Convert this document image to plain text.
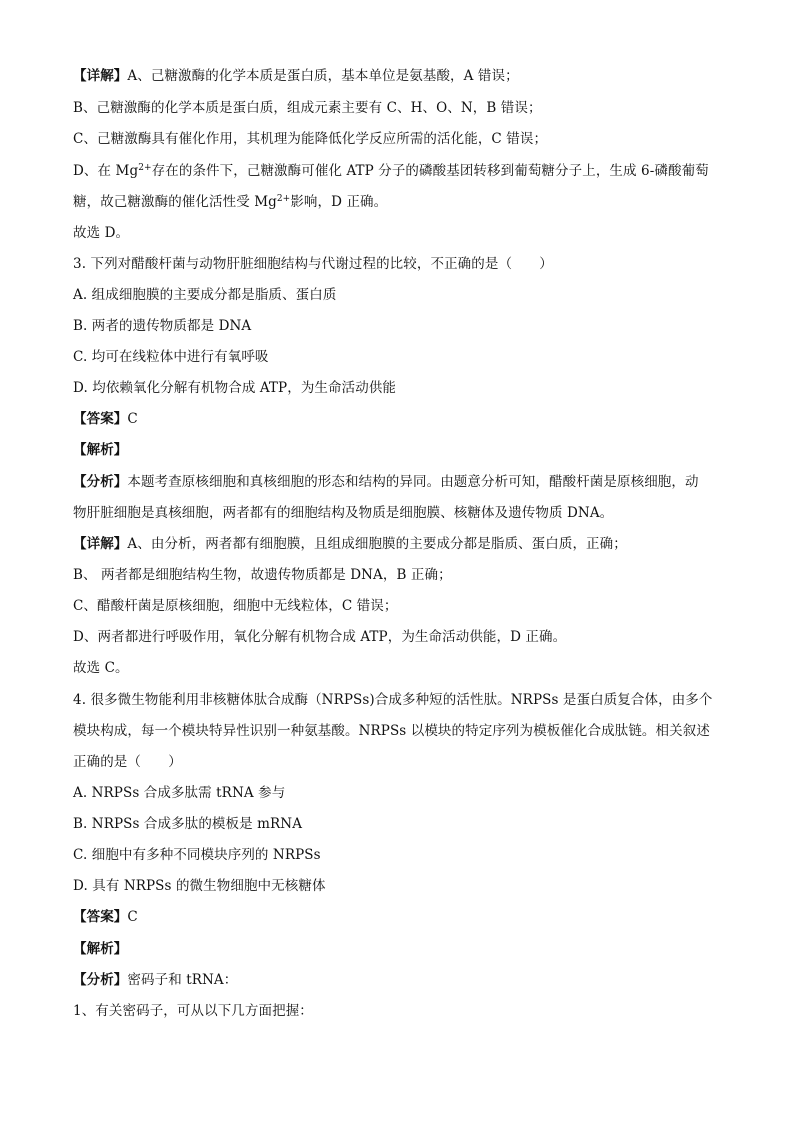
【详解】A、己糖激酶的化学本质是蛋白质，基本单位是氨基酸，A 错误；
B、己糖激酶的化学本质是蛋白质，组成元素主要有 C、H、O、N，B 错误；
C、己糖激酶具有催化作用，其机理为能降低化学反应所需的活化能，C 错误；
D、在 $Mg^{2+}$存在的条件下，己糖激酶可催化 ATP 分子的磷酸基团转移到葡萄糖分子上，生成 6-磷酸葡萄
糖，故己糖激酶的催化活性受 $Mg^{2+}$影响，D 正确。
故选 D。
3. 下列对醋酸杆菌与动物肝脏细胞结构与代谢过程的比较，不正确的是（　　）
A. 组成细胞膜的主要成分都是脂质、蛋白质
B. 两者的遗传物质都是 DNA
C. 均可在线粒体中进行有氧呼吸
D. 均依赖氧化分解有机物合成 ATP，为生命活动供能
【答案】C
【解析】
【分析】本题考查原核细胞和真核细胞的形态和结构的异同。由题意分析可知，醋酸杆菌是原核细胞，动
物肝脏细胞是真核细胞，两者都有的细胞结构及物质是细胞膜、核糖体及遗传物质 DNA。
【详解】A、由分析，两者都有细胞膜，且组成细胞膜的主要成分都是脂质、蛋白质，正确；
B、 两者都是细胞结构生物，故遗传物质都是 DNA，B 正确；
C、醋酸杆菌是原核细胞，细胞中无线粒体，C 错误；
D、两者都进行呼吸作用，氧化分解有机物合成 ATP，为生命活动供能，D 正确。
故选 C。
4. 很多微生物能利用非核糖体肽合成酶（NRPSs)合成多种短的活性肽。NRPSs 是蛋白质复合体，由多个
模块构成，每一个模块特异性识别一种氨基酸。NRPSs 以模块的特定序列为模板催化合成肽链。相关叙述
正确的是（　　）
A. NRPSs 合成多肽需 tRNA 参与
B. NRPSs 合成多肽的模板是 mRNA
C. 细胞中有多种不同模块序列的 NRPSs
D. 具有 NRPSs 的微生物细胞中无核糖体
【答案】C
【解析】
【分析】密码子和 tRNA：
1、有关密码子，可从以下几方面把握：
